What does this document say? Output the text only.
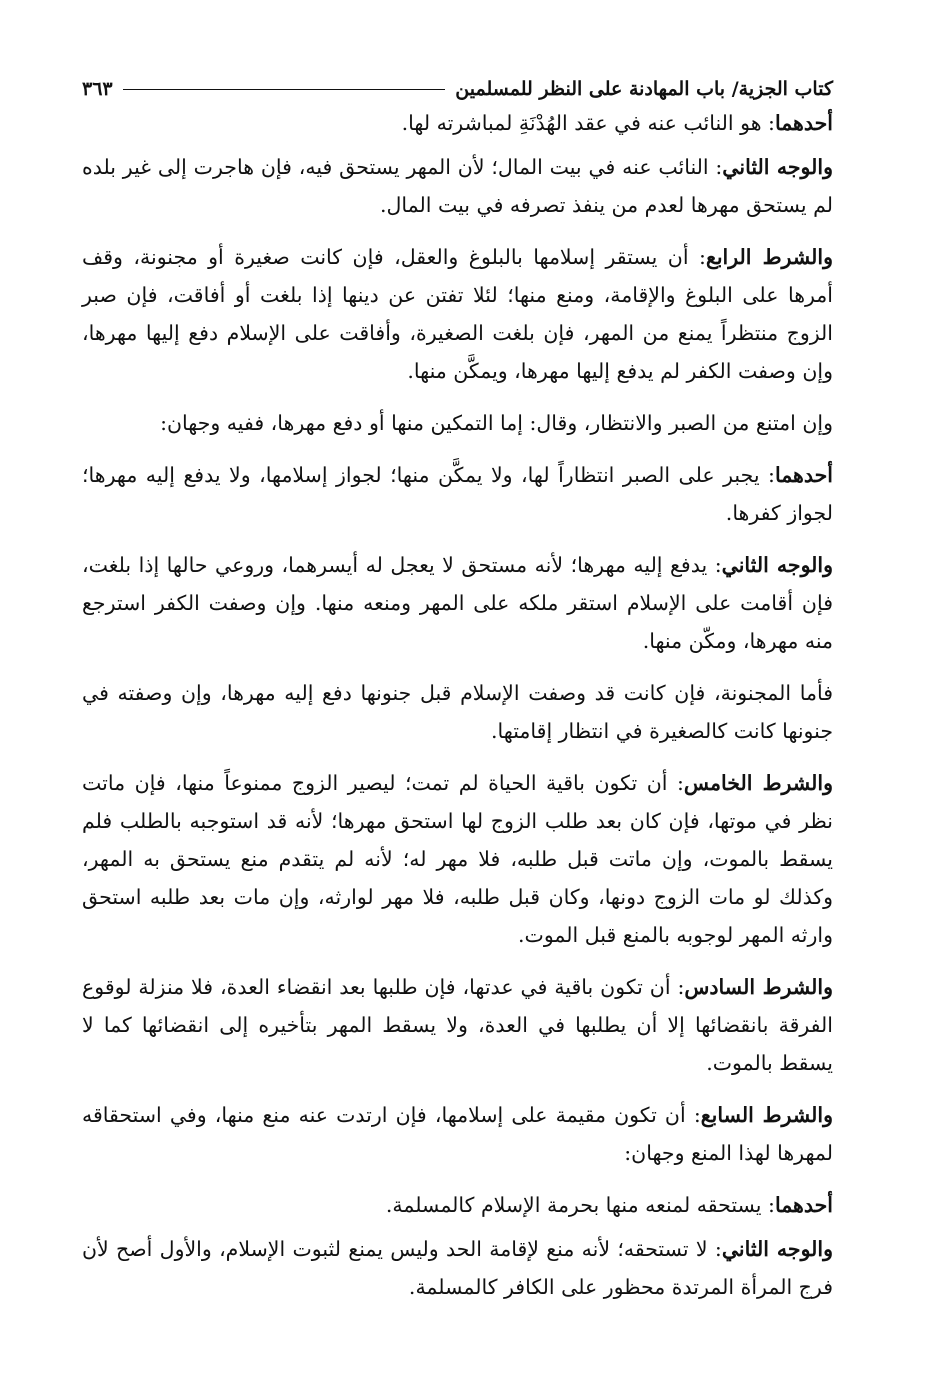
كتاب الجزية/ باب المهادنة على النظر للمسلمين
٣٦٣

أحدهما: هو النائب عنه في عقد الهُدْنَةِ لمباشرته لها.

والوجه الثاني: النائب عنه في بيت المال؛ لأن المهر يستحق فيه، فإن هاجرت إلى غير بلده لم يستحق مهرها لعدم من ينفذ تصرفه في بيت المال.

والشرط الرابع: أن يستقر إسلامها بالبلوغ والعقل، فإن كانت صغيرة أو مجنونة، وقف أمرها على البلوغ والإقامة، ومنع منها؛ لئلا تفتن عن دينها إذا بلغت أو أفاقت، فإن صبر الزوج منتظراً يمنع من المهر، فإن بلغت الصغيرة، وأفاقت على الإسلام دفع إليها مهرها، وإن وصفت الكفر لم يدفع إليها مهرها، ويمكَّن منها.

وإن امتنع من الصبر والانتظار، وقال: إما التمكين منها أو دفع مهرها، ففيه وجهان:

أحدهما: يجبر على الصبر انتظاراً لها، ولا يمكَّن منها؛ لجواز إسلامها، ولا يدفع إليه مهرها؛ لجواز كفرها.

والوجه الثاني: يدفع إليه مهرها؛ لأنه مستحق لا يعجل له أيسرهما، وروعي حالها إذا بلغت، فإن أقامت على الإسلام استقر ملكه على المهر ومنعه منها. وإن وصفت الكفر استرجع منه مهرها، ومكّن منها.

فأما المجنونة، فإن كانت قد وصفت الإسلام قبل جنونها دفع إليه مهرها، وإن وصفته في جنونها كانت كالصغيرة في انتظار إقامتها.

والشرط الخامس: أن تكون باقية الحياة لم تمت؛ ليصير الزوج ممنوعاً منها، فإن ماتت نظر في موتها، فإن كان بعد طلب الزوج لها استحق مهرها؛ لأنه قد استوجبه بالطلب فلم يسقط بالموت، وإن ماتت قبل طلبه، فلا مهر له؛ لأنه لم يتقدم منع يستحق به المهر، وكذلك لو مات الزوج دونها، وكان قبل طلبه، فلا مهر لوارثه، وإن مات بعد طلبه استحق وارثه المهر لوجوبه بالمنع قبل الموت.

والشرط السادس: أن تكون باقية في عدتها، فإن طلبها بعد انقضاء العدة، فلا منزلة لوقوع الفرقة بانقضائها إلا أن يطلبها في العدة، ولا يسقط المهر بتأخيره إلى انقضائها كما لا يسقط بالموت.

والشرط السابع: أن تكون مقيمة على إسلامها، فإن ارتدت عنه منع منها، وفي استحقاقه لمهرها لهذا المنع وجهان:

أحدهما: يستحقه لمنعه منها بحرمة الإسلام كالمسلمة.

والوجه الثاني: لا تستحقه؛ لأنه منع لإقامة الحد وليس يمنع لثبوت الإسلام، والأول أصح لأن فرج المرأة المرتدة محظور على الكافر كالمسلمة.
